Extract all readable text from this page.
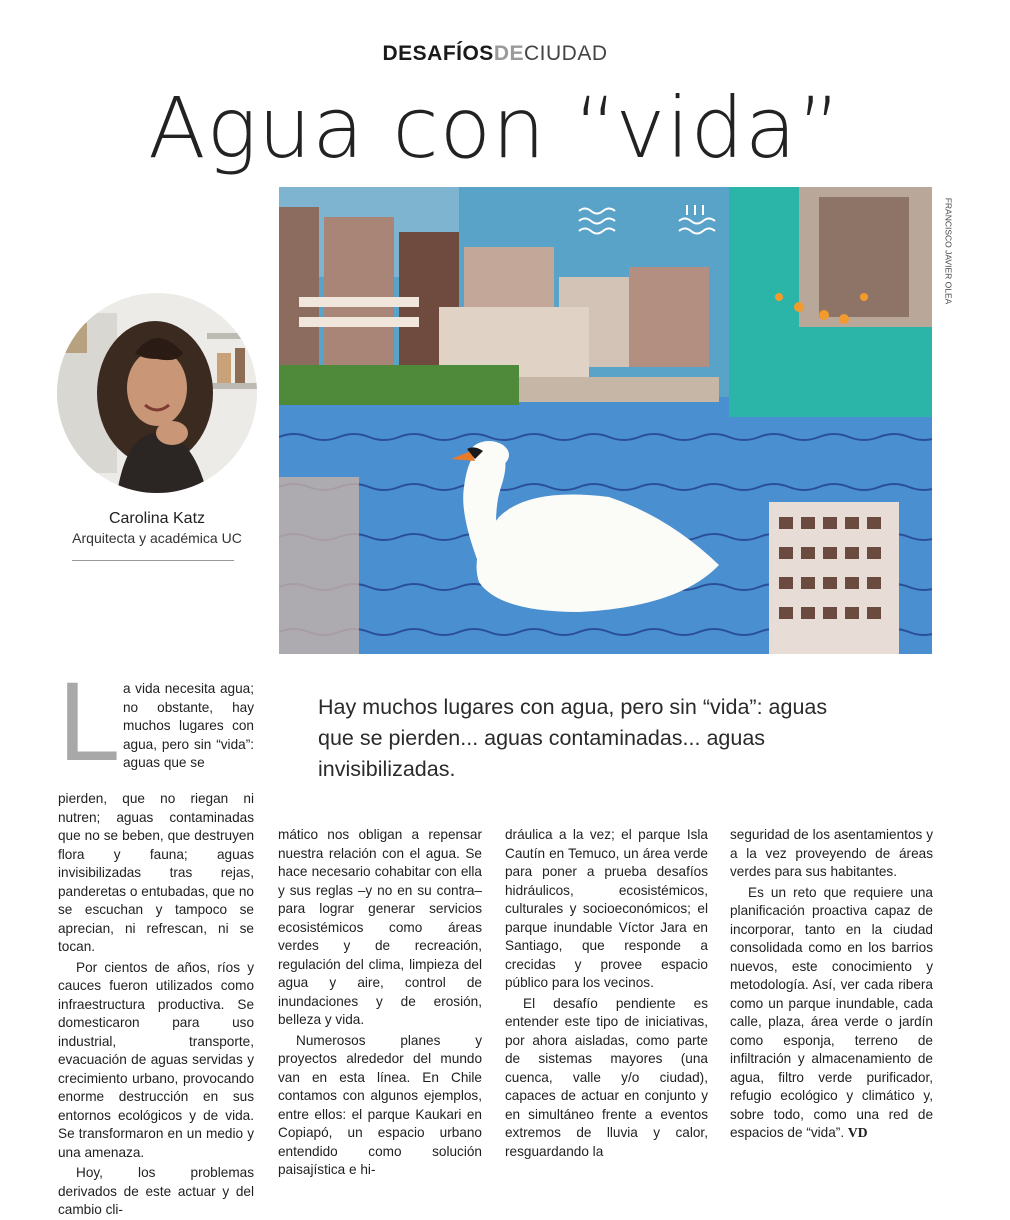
DESAFÍOSDECIUDAD
Agua con “vida”
Carolina Katz
Arquitecta y académica UC
FRANCISCO JAVIER OLEA
Hay muchos lugares con agua, pero sin “vida”: aguas que se pierden... aguas contaminadas... aguas invisibilizadas.
L a vida necesita agua; no obstante, hay muchos lugares con agua, pero sin “vida”: aguas que se

pierden, que no riegan ni nutren; aguas contaminadas que no se beben, que destruyen flora y fauna; aguas invisibilizadas tras rejas, panderetas o entubadas, que no se escuchan y tampoco se aprecian, ni refrescan, ni se tocan.

Por cientos de años, ríos y cauces fueron utilizados como infraestructura productiva. Se domesticaron para uso industrial, transporte, evacuación de aguas servidas y crecimiento urbano, provocando enorme destrucción en sus entornos ecológicos y de vida. Se transformaron en un medio y una amenaza.

Hoy, los problemas derivados de este actuar y del cambio cli-

mático nos obligan a repensar nuestra relación con el agua. Se hace necesario cohabitar con ella y sus reglas –y no en su contra– para lograr generar servicios ecosistémicos como áreas verdes y de recreación, regulación del clima, limpieza del agua y aire, control de inundaciones y de erosión, belleza y vida.

Numerosos planes y proyectos alrededor del mundo van en esta línea. En Chile contamos con algunos ejemplos, entre ellos: el parque Kaukari en Copiapó, un espacio urbano entendido como solución paisajística e hi-

dráulica a la vez; el parque Isla Cautín en Temuco, un área verde para poner a prueba desafíos hidráulicos, ecosistémicos, culturales y socioeconómicos; el parque inundable Víctor Jara en Santiago, que responde a crecidas y provee espacio público para los vecinos.

El desafío pendiente es entender este tipo de iniciativas, por ahora aisladas, como parte de sistemas mayores (una cuenca, valle y/o ciudad), capaces de actuar en conjunto y en simultáneo frente a eventos extremos de lluvia y calor, resguardando la

seguridad de los asentamientos y a la vez proveyendo de áreas verdes para sus habitantes.

Es un reto que requiere una planificación proactiva capaz de incorporar, tanto en la ciudad consolidada como en los barrios nuevos, este conocimiento y metodología. Así, ver cada ribera como un parque inundable, cada calle, plaza, área verde o jardín como esponja, terreno de infiltración y almacenamiento de agua, filtro verde purificador, refugio ecológico y climático y, sobre todo, como una red de espacios de “vida”. VD
